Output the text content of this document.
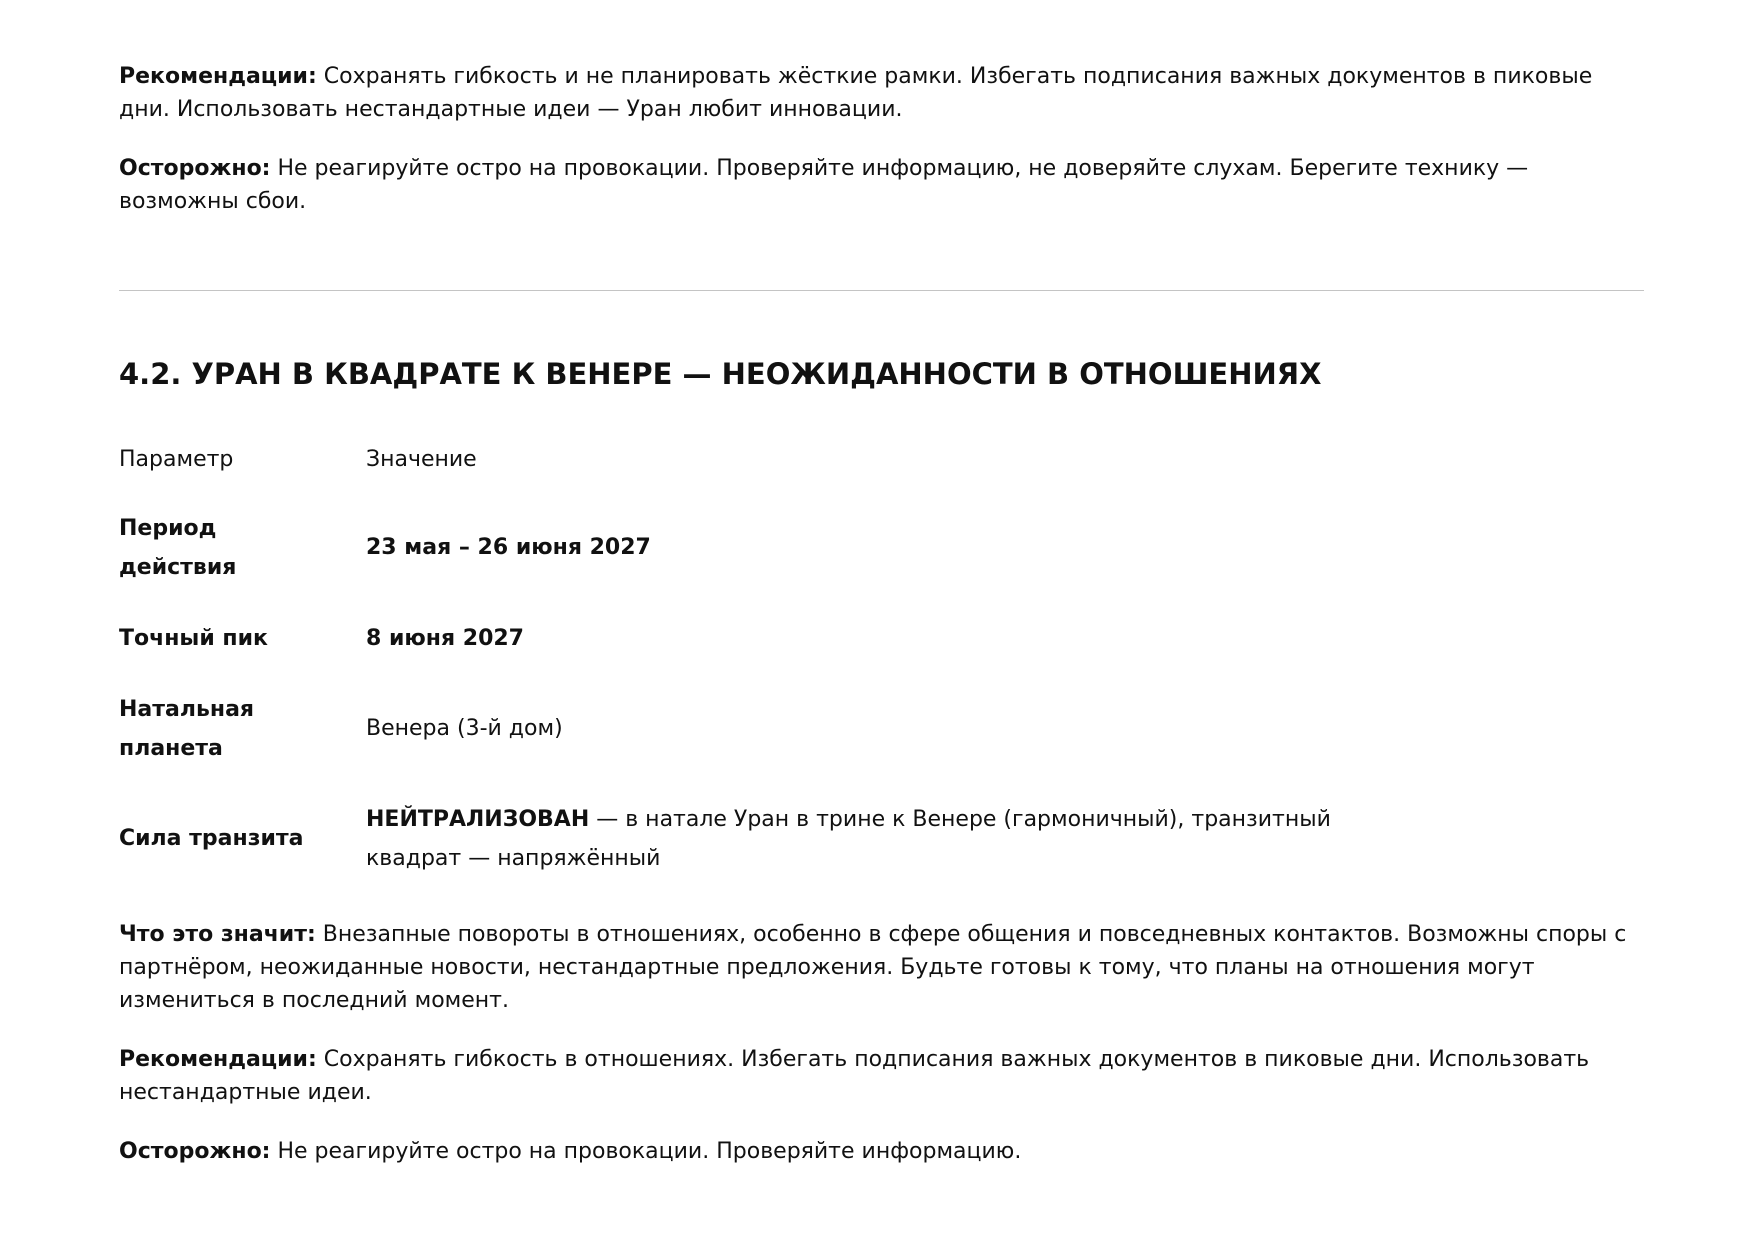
Рекомендации: Сохранять гибкость и не планировать жёсткие рамки. Избегать подписания важных документов в пиковые дни. Использовать нестандартные идеи — Уран любит инновации.

Осторожно: Не реагируйте остро на провокации. Проверяйте информацию, не доверяйте слухам. Берегите технику — возможны сбои.

4.2. УРАН В КВАДРАТЕ К ВЕНЕРЕ — НЕОЖИДАННОСТИ В ОТНОШЕНИЯХ
Параметр	Значение
Период
действия
23 мая – 26 июня 2027
Точный пик	8 июня 2027
Натальная
планета
Венера (3-й дом)
Сила транзита
НЕЙТРАЛИЗОВАН — в натале Уран в трине к Венере (гармоничный), транзитный
квадрат — напряжённый

Что это значит: Внезапные повороты в отношениях, особенно в сфере общения и повседневных контактов. Возможны споры с партнёром, неожиданные новости, нестандартные предложения. Будьте готовы к тому, что планы на отношения могут измениться в последний момент.

Рекомендации: Сохранять гибкость в отношениях. Избегать подписания важных документов в пиковые дни. Использовать нестандартные идеи.

Осторожно: Не реагируйте остро на провокации. Проверяйте информацию.
